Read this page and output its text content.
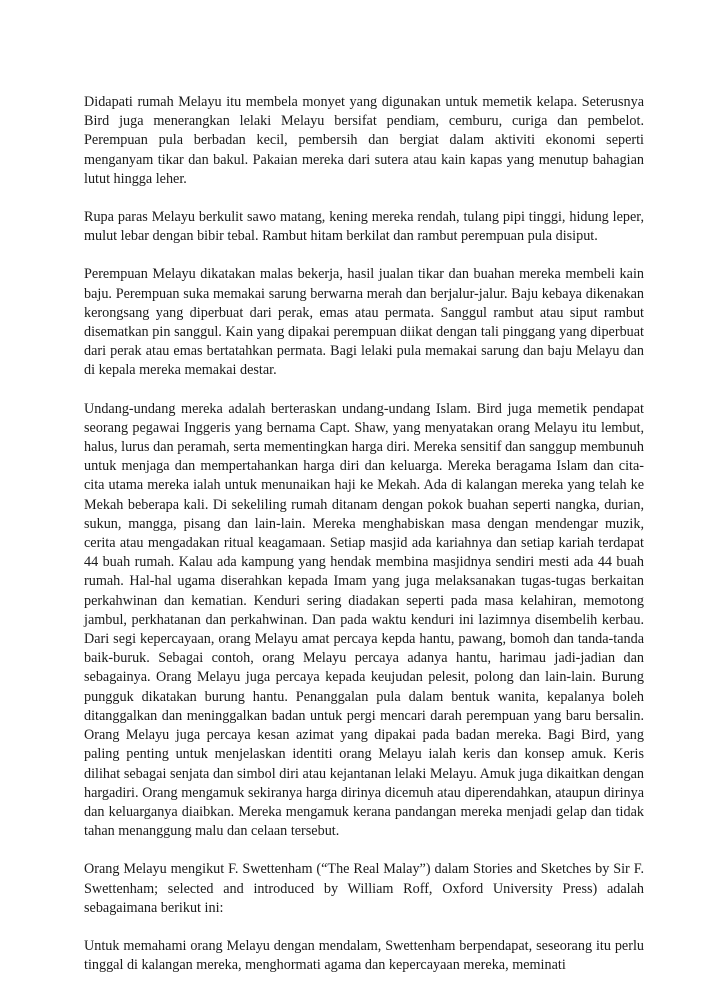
Didapati rumah Melayu itu membela monyet yang digunakan untuk memetik kelapa. Seterusnya Bird juga menerangkan lelaki Melayu bersifat pendiam, cemburu, curiga dan pembelot. Perempuan pula berbadan kecil, pembersih dan bergiat dalam aktiviti ekonomi seperti menganyam tikar dan bakul. Pakaian mereka dari sutera atau kain kapas yang menutup bahagian lutut hingga leher.

Rupa paras Melayu berkulit sawo matang, kening mereka rendah, tulang pipi tinggi, hidung leper, mulut lebar dengan bibir tebal. Rambut hitam berkilat dan rambut perempuan pula disiput.

Perempuan Melayu dikatakan malas bekerja, hasil jualan tikar dan buahan mereka membeli kain baju. Perempuan suka memakai sarung berwarna merah dan berjalur-jalur. Baju kebaya dikenakan kerongsang yang diperbuat dari perak, emas atau permata. Sanggul rambut atau siput rambut disematkan pin sanggul. Kain yang dipakai perempuan diikat dengan tali pinggang yang diperbuat dari perak atau emas bertatahkan permata. Bagi lelaki pula memakai sarung dan baju Melayu dan di kepala mereka memakai destar.

Undang-undang mereka adalah berteraskan undang-undang Islam. Bird juga memetik pendapat seorang pegawai Inggeris yang bernama Capt. Shaw, yang menyatakan orang Melayu itu lembut, halus, lurus dan peramah, serta mementingkan harga diri. Mereka sensitif dan sanggup membunuh untuk menjaga dan mempertahankan harga diri dan keluarga. Mereka beragama Islam dan cita-cita utama mereka ialah untuk menunaikan haji ke Mekah. Ada di kalangan mereka yang telah ke Mekah beberapa kali. Di sekeliling rumah ditanam dengan pokok buahan seperti nangka, durian, sukun, mangga, pisang dan lain-lain. Mereka menghabiskan masa dengan mendengar muzik, cerita atau mengadakan ritual keagamaan. Setiap masjid ada kariahnya dan setiap kariah terdapat 44 buah rumah. Kalau ada kampung yang hendak membina masjidnya sendiri mesti ada 44 buah rumah. Hal-hal ugama diserahkan kepada Imam yang juga melaksanakan tugas-tugas berkaitan perkahwinan dan kematian. Kenduri sering diadakan seperti pada masa kelahiran, memotong jambul, perkhatanan dan perkahwinan. Dan pada waktu kenduri ini lazimnya disembelih kerbau. Dari segi kepercayaan, orang Melayu amat percaya kepda hantu, pawang, bomoh dan tanda-tanda baik-buruk. Sebagai contoh, orang Melayu percaya adanya hantu, harimau jadi-jadian dan sebagainya. Orang Melayu juga percaya kepada keujudan pelesit, polong dan lain-lain. Burung pungguk dikatakan burung hantu. Penanggalan pula dalam bentuk wanita, kepalanya boleh ditanggalkan dan meninggalkan badan untuk pergi mencari darah perempuan yang baru bersalin. Orang Melayu juga percaya kesan azimat yang dipakai pada badan mereka. Bagi Bird, yang paling penting untuk menjelaskan identiti orang Melayu ialah keris dan konsep amuk. Keris dilihat sebagai senjata dan simbol diri atau kejantanan lelaki Melayu. Amuk juga dikaitkan dengan hargadiri. Orang mengamuk sekiranya harga dirinya dicemuh atau diperendahkan, ataupun dirinya dan keluarganya diaibkan. Mereka mengamuk kerana pandangan mereka menjadi gelap dan tidak tahan menanggung malu dan celaan tersebut.

Orang Melayu mengikut F. Swettenham (“The Real Malay”) dalam Stories and Sketches by Sir F. Swettenham; selected and introduced by William Roff, Oxford University Press) adalah sebagaimana berikut ini:

Untuk memahami orang Melayu dengan mendalam, Swettenham berpendapat, seseorang itu perlu tinggal di kalangan mereka, menghormati agama dan kepercayaan mereka, meminati
